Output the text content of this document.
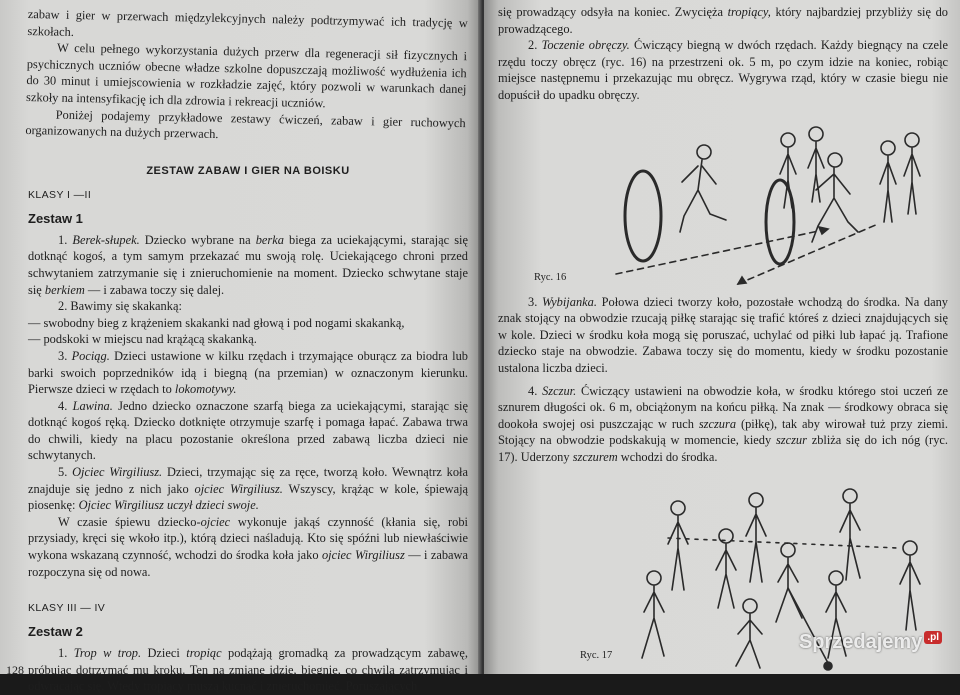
zabaw i gier w przerwach międzylekcyjnych należy podtrzymywać ich tradycję w szkołach.

W celu pełnego wykorzystania dużych przerw dla regeneracji sił fizycznych i psychicznych uczniów obecne władze szkolne dopuszczają możliwość wydłużenia ich do 30 minut i umiejscowienia w rozkładzie zajęć, który pozwoli w warunkach danej szkoły na intensyfikację ich dla zdrowia i rekreacji uczniów.

Poniżej podajemy przykładowe zestawy ćwiczeń, zabaw i gier ruchowych organizowanych na dużych przerwach.

ZESTAW ZABAW I GIER NA BOISKU
KLASY I —II
Zestaw 1

1. Berek-słupek. Dziecko wybrane na berka biega za uciekającymi, starając się dotknąć kogoś, a tym samym przekazać mu swoją rolę. Uciekającego chroni przed schwytaniem zatrzymanie się i znieruchomienie na moment. Dziecko schwytane staje się berkiem — i zabawa toczy się dalej.

2. Bawimy się skakanką:

— swobodny bieg z krążeniem skakanki nad głową i pod nogami skakanką,

— podskoki w miejscu nad krążącą skakanką.

3. Pociąg. Dzieci ustawione w kilku rzędach i trzymające oburącz za biodra lub barki swoich poprzedników idą i biegną (na przemian) w oznaczonym kierunku. Pierwsze dzieci w rzędach to lokomotywy.

4. Lawina. Jedno dziecko oznaczone szarfą biega za uciekającymi, starając się dotknąć kogoś ręką. Dziecko dotknięte otrzymuje szarfę i pomaga łapać. Zabawa trwa do chwili, kiedy na placu pozostanie określona przed zabawą liczba dzieci nie schwytanych.

5. Ojciec Wirgiliusz. Dzieci, trzymając się za ręce, tworzą koło. Wewnątrz koła znajduje się jedno z nich jako ojciec Wirgiliusz. Wszyscy, krążąc w kole, śpiewają piosenkę: Ojciec Wirgiliusz uczył dzieci swoje.

W czasie śpiewu dziecko-ojciec wykonuje jakąś czynność (kłania się, robi przysiady, kręci się wkoło itp.), którą dzieci naśladują. Kto się spóźni lub niewłaściwie wykona wskazaną czynność, wchodzi do środka koła jako ojciec Wirgiliusz — i zabawa rozpoczyna się od nowa.

KLASY III — IV
Zestaw 2

1. Trop w trop. Dzieci tropiąc podążają gromadką za prowadzącym zabawę, próbując dotrzymać mu kroku. Ten na zmianę idzie, biegnie, co chwila zatrzymując i odwracając się. Wtedy tropiący muszą kucnąć i znieruchomieć. Poruszających

128

się prowadzący odsyła na koniec. Zwycięża tropiący, który najbardziej przybliży się do prowadzącego.

2. Toczenie obręczy. Ćwiczący biegną w dwóch rzędach. Każdy biegnący na czele rzędu toczy obręcz (ryc. 16) na przestrzeni ok. 5 m, po czym idzie na koniec, robiąc miejsce następnemu i przekazując mu obręcz. Wygrywa rząd, który w czasie biegu nie dopuścił do upadku obręczy.

Ryc. 16

3. Wybijanka. Połowa dzieci tworzy koło, pozostałe wchodzą do środka. Na dany znak stojący na obwodzie rzucają piłkę starając się trafić któreś z dzieci znajdujących się w kole. Dzieci w środku koła mogą się poruszać, uchylać od piłki lub łapać ją. Trafione dziecko staje na obwodzie. Zabawa toczy się do momentu, kiedy w środku pozostanie ustalona liczba dzieci.

4. Szczur. Ćwiczący ustawieni na obwodzie koła, w środku którego stoi uczeń ze sznurem długości ok. 6 m, obciążonym na końcu piłką. Na znak — środkowy obraca się dookoła swojej osi puszczając w ruch szczura (piłkę), tak aby wirował tuż przy ziemi. Stojący na obwodzie podskakują w momencie, kiedy szczur zbliża się do ich nóg (ryc. 17). Uderzony szczurem wchodzi do środka.

Ryc. 17
Sprzedajemy $^{.pl}$
